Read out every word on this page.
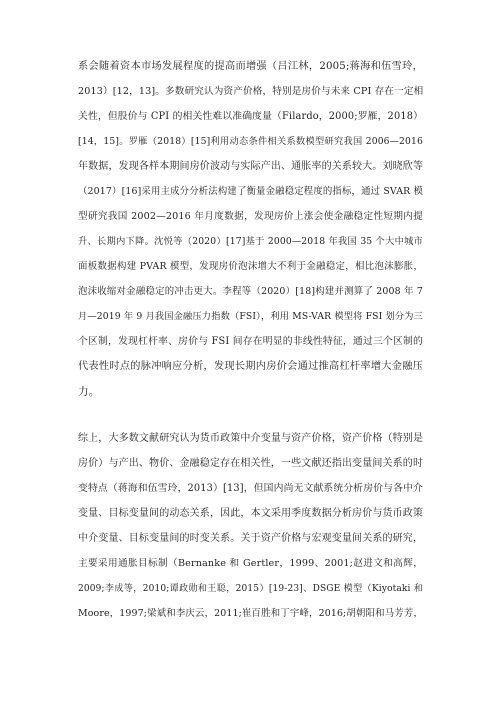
系会随着资本市场发展程度的提高而增强（吕江林，2005;蒋海和伍雪玲，
2013）[12，13]。多数研究认为资产价格，特别是房价与未来 CPI 存在一定相
关性，但股价与 CPI 的相关性难以准确度量（Filardo，2000;罗雁，2018）
[14，15]。罗雁（2018）[15]利用动态条件相关系数模型研究我国 2006—2016
年数据，发现各样本期间房价波动与实际产出、通胀率的关系较大。刘晓欣等
（2017）[16]采用主成分分析法构建了衡量金融稳定程度的指标，通过 SVAR 模
型研究我国 2002—2016 年月度数据，发现房价上涨会使金融稳定性短期内提
升、长期内下降。沈悦等（2020）[17]基于 2000—2018 年我国 35 个大中城市
面板数据构建 PVAR 模型，发现房价泡沫增大不利于金融稳定，相比泡沫膨胀，
泡沫收缩对金融稳定的冲击更大。李程等（2020）[18]构建并测算了 2008 年 7
月—2019 年 9 月我国金融压力指数（FSI），利用 MS-VAR 模型将 FSI 划分为三
个区制，发现杠杆率、房价与 FSI 间存在明显的非线性特征，通过三个区制的
代表性时点的脉冲响应分析，发现长期内房价会通过推高杠杆率增大金融压
力。
综上，大多数文献研究认为货币政策中介变量与资产价格，资产价格（特别是
房价）与产出、物价、金融稳定存在相关性，一些文献还指出变量间关系的时
变特点（蒋海和伍雪玲，2013）[13]，但国内尚无文献系统分析房价与各中介
变量、目标变量间的动态关系，因此，本文采用季度数据分析房价与货币政策
中介变量、目标变量间的时变关系。关于资产价格与宏观变量间关系的研究，
主要采用通胀目标制（Bernanke 和 Gertler，1999、2001;赵进文和高辉，
2009;李成等，2010;谭政勋和王聪，2015）[19-23]、DSGE 模型（Kiyotaki 和
Moore，1997;梁斌和李庆云，2011;崔百胜和丁宇峰，2016;胡朝阳和马芳芳，
